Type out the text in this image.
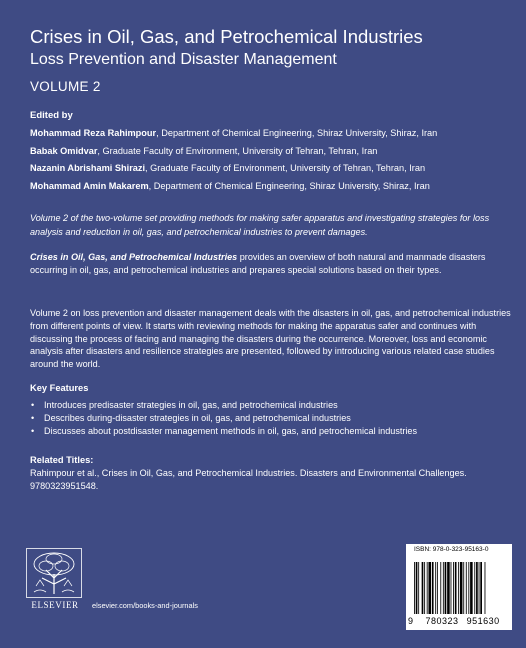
Crises in Oil, Gas, and Petrochemical Industries
Loss Prevention and Disaster Management
VOLUME 2
Edited by
Mohammad Reza Rahimpour, Department of Chemical Engineering, Shiraz University, Shiraz, Iran
Babak Omidvar, Graduate Faculty of Environment, University of Tehran, Tehran, Iran
Nazanin Abrishami Shirazi, Graduate Faculty of Environment, University of Tehran, Tehran, Iran
Mohammad Amin Makarem, Department of Chemical Engineering, Shiraz University, Shiraz, Iran
Volume 2 of the two-volume set providing methods for making safer apparatus and investigating strategies for loss analysis and reduction in oil, gas, and petrochemical industries to prevent damages.
Crises in Oil, Gas, and Petrochemical Industries provides an overview of both natural and manmade disasters occurring in oil, gas, and petrochemical industries and prepares special solutions based on their types.
Volume 2 on loss prevention and disaster management deals with the disasters in oil, gas, and petrochemical industries from different points of view. It starts with reviewing methods for making the apparatus safer and continues with discussing the process of facing and managing the disasters during the occurrence. Moreover, loss and economic analysis after disasters and resilience strategies are presented, followed by introducing various related case studies around the world.
Key Features
• Introduces predisaster strategies in oil, gas, and petrochemical industries
• Describes during-disaster strategies in oil, gas, and petrochemical industries
• Discusses about postdisaster management methods in oil, gas, and petrochemical industries
Related Titles:
Rahimpour et al., Crises in Oil, Gas, and Petrochemical Industries. Disasters and Environmental Challenges. 9780323951548.
ELSEVIER	elsevier.com/books-and-journals
ISBN: 978-0-323-95163-0
9 780323 951630
